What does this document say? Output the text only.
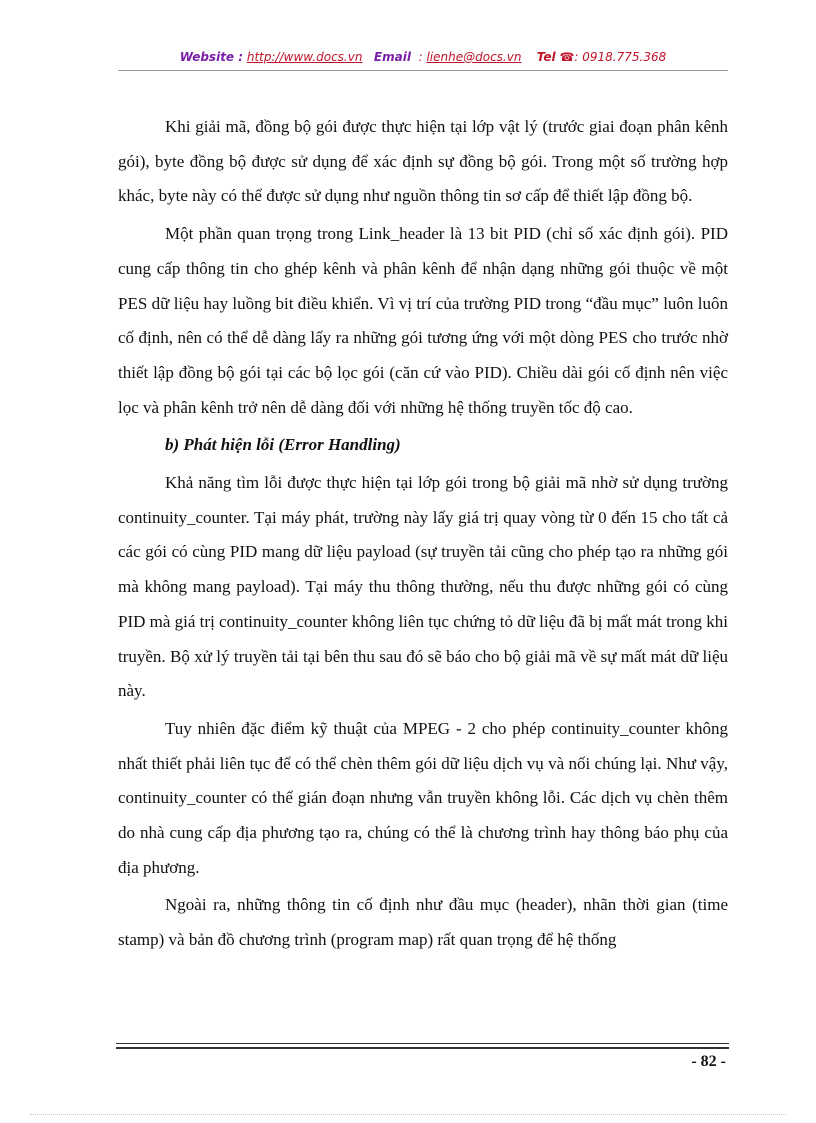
Website : http://www.docs.vn Email : lienhe@docs.vn Tel ☎: 0918.775.368

Khi giải mã, đồng bộ gói được thực hiện tại lớp vật lý (trước giai đoạn phân kênh gói), byte đồng bộ được sử dụng để xác định sự đồng bộ gói. Trong một số trường hợp khác, byte này có thể được sử dụng như nguồn thông tin sơ cấp để thiết lập đồng bộ.

Một phần quan trọng trong Link_header là 13 bit PID (chỉ số xác định gói). PID cung cấp thông tin cho ghép kênh và phân kênh để nhận dạng những gói thuộc về một PES dữ liệu hay luồng bit điều khiển. Vì vị trí của trường PID trong “đầu mục” luôn luôn cố định, nên có thể dễ dàng lấy ra những gói tương ứng với một dòng PES cho trước nhờ thiết lập đồng bộ gói tại các bộ lọc gói (căn cứ vào PID). Chiều dài gói cố định nên việc lọc và phân kênh trở nên dễ dàng đối với những hệ thống truyền tốc độ cao.

b) Phát hiện lỗi (Error Handling)

Khả năng tìm lỗi được thực hiện tại lớp gói trong bộ giải mã nhờ sử dụng trường continuity_counter. Tại máy phát, trường này lấy giá trị quay vòng từ 0 đến 15 cho tất cả các gói có cùng PID mang dữ liệu payload (sự truyền tải cũng cho phép tạo ra những gói mà không mang payload). Tại máy thu thông thường, nếu thu được những gói có cùng PID mà giá trị continuity_counter không liên tục chứng tỏ dữ liệu đã bị mất mát trong khi truyền. Bộ xử lý truyền tải tại bên thu sau đó sẽ báo cho bộ giải mã về sự mất mát dữ liệu này.

Tuy nhiên đặc điểm kỹ thuật của MPEG - 2 cho phép continuity_counter không nhất thiết phải liên tục để có thể chèn thêm gói dữ liệu dịch vụ và nối chúng lại. Như vậy, continuity_counter có thể gián đoạn nhưng vẫn truyền không lỗi. Các dịch vụ chèn thêm do nhà cung cấp địa phương tạo ra, chúng có thể là chương trình hay thông báo phụ của địa phương.

Ngoài ra, những thông tin cố định như đầu mục (header), nhãn thời gian (time stamp) và bản đồ chương trình (program map) rất quan trọng để hệ thống

- 82 -
